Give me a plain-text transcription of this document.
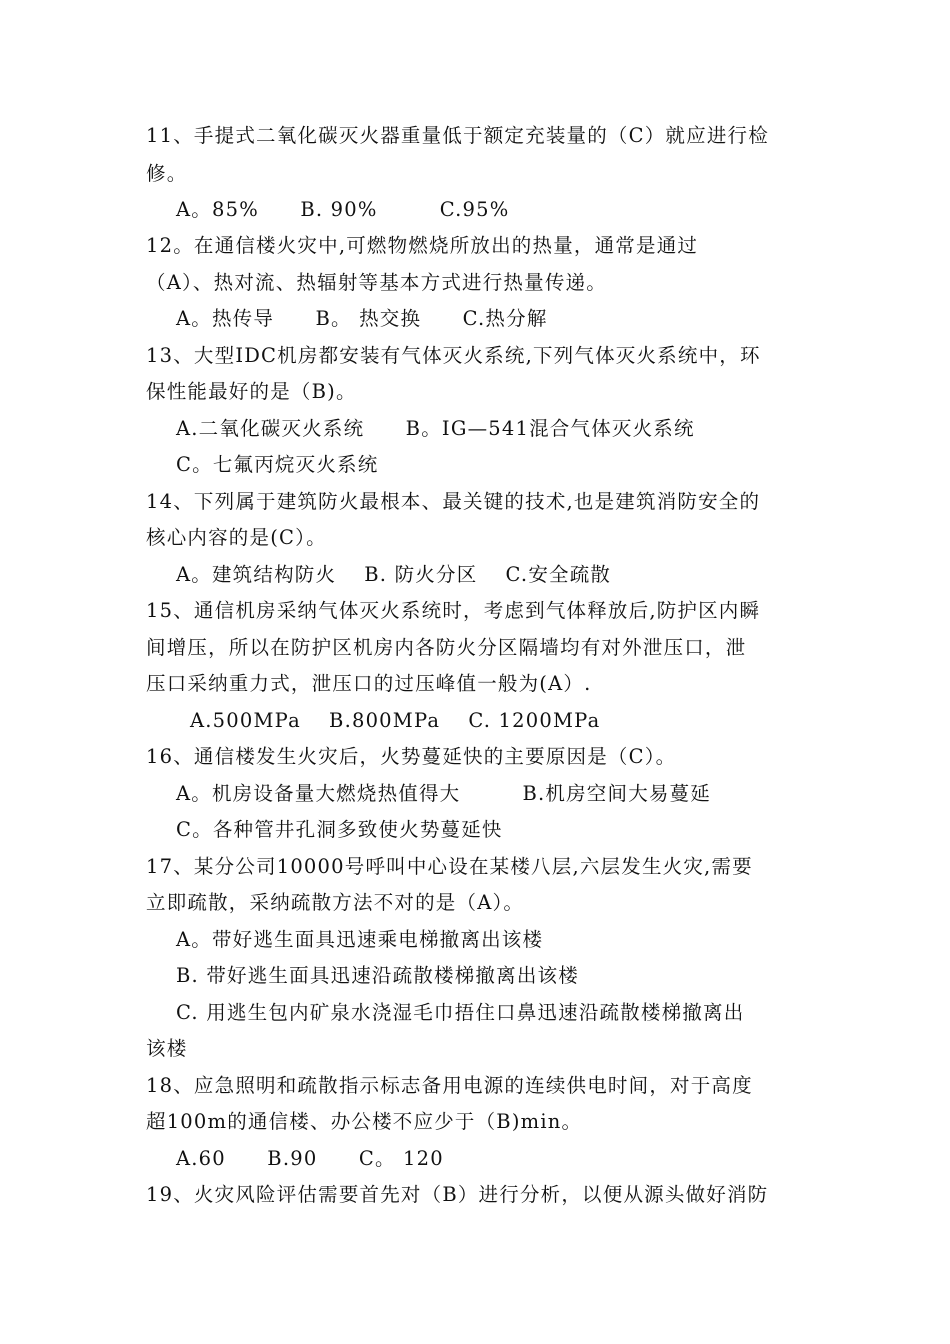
11、手提式二氧化碳灭火器重量低于额定充装量的（C）就应进行检
修。
A。85%　　B. 90%　　　C.95%
12。在通信楼火灾中,可燃物燃烧所放出的热量，通常是通过
（A）、热对流、热辐射等基本方式进行热量传递。
A。热传导　　B。 热交换　　C.热分解
13、大型IDC机房都安装有气体灭火系统,下列气体灭火系统中，环
保性能最好的是（B)。
A.二氧化碳灭火系统　　B。IG—541混合气体灭火系统
C。七氟丙烷灭火系统
14、下列属于建筑防火最根本、最关键的技术,也是建筑消防安全的
核心内容的是(C）。
A。建筑结构防火　 B. 防火分区　 C.安全疏散
15、通信机房采纳气体灭火系统时，考虑到气体释放后,防护区内瞬
间增压，所以在防护区机房内各防火分区隔墙均有对外泄压口，泄
压口采纳重力式，泄压口的过压峰值一般为(A）.
A.500MPa　 B.800MPa　 C. 1200MPa
16、通信楼发生火灾后，火势蔓延快的主要原因是（C）。
A。机房设备量大燃烧热值得大　　　B.机房空间大易蔓延
C。各种管井孔洞多致使火势蔓延快
17、某分公司10000号呼叫中心设在某楼八层,六层发生火灾,需要
立即疏散，采纳疏散方法不对的是（A）。
A。带好逃生面具迅速乘电梯撤离出该楼
B. 带好逃生面具迅速沿疏散楼梯撤离出该楼
C. 用逃生包内矿泉水浇湿毛巾捂住口鼻迅速沿疏散楼梯撤离出
该楼
18、应急照明和疏散指示标志备用电源的连续供电时间，对于高度
超100m的通信楼、办公楼不应少于（B)min。
A.60　　B.90　　C。 120
19、火灾风险评估需要首先对（B）进行分析，以便从源头做好消防
